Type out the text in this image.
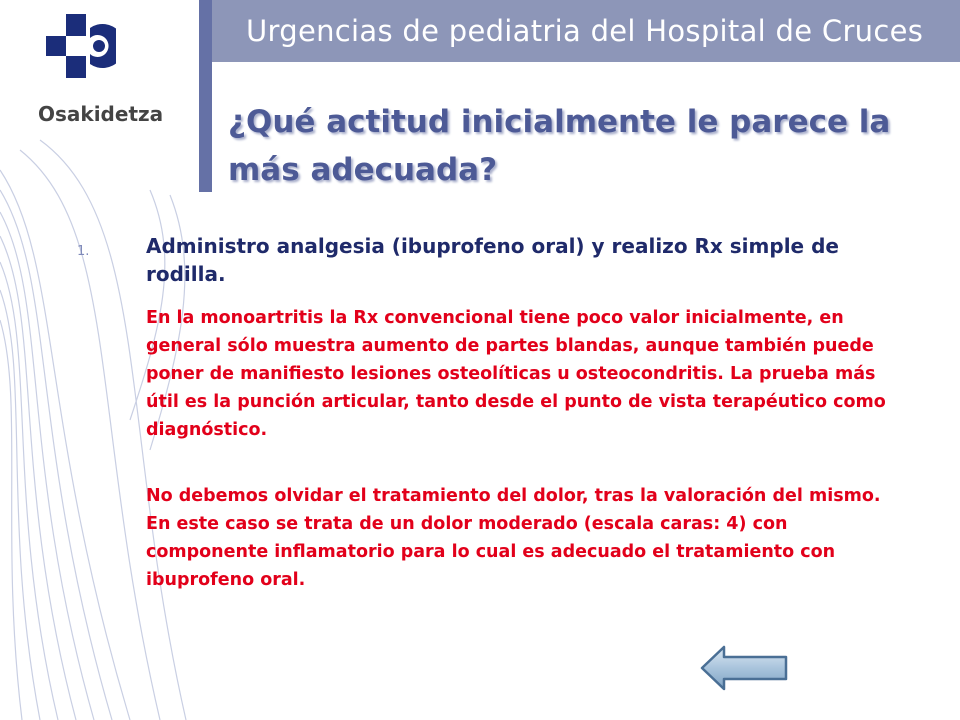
Urgencias de pediatria del Hospital de Cruces
Osakidetza ¿Qué actitud inicialmente le parece la más adecuada?
1.	Administro analgesia (ibuprofeno oral) y realizo Rx simple de rodilla.
En la monoartritis la Rx convencional tiene poco valor inicialmente, en general sólo muestra aumento de partes blandas, aunque también puede poner de manifiesto lesiones osteolíticas u osteocondritis. La prueba más útil es la punción articular, tanto desde el punto de vista terapéutico como diagnóstico.
No debemos olvidar el tratamiento del dolor, tras la valoración del mismo. En este caso se trata de un dolor moderado (escala caras: 4) con componente inflamatorio para lo cual es adecuado el tratamiento con ibuprofeno oral.
